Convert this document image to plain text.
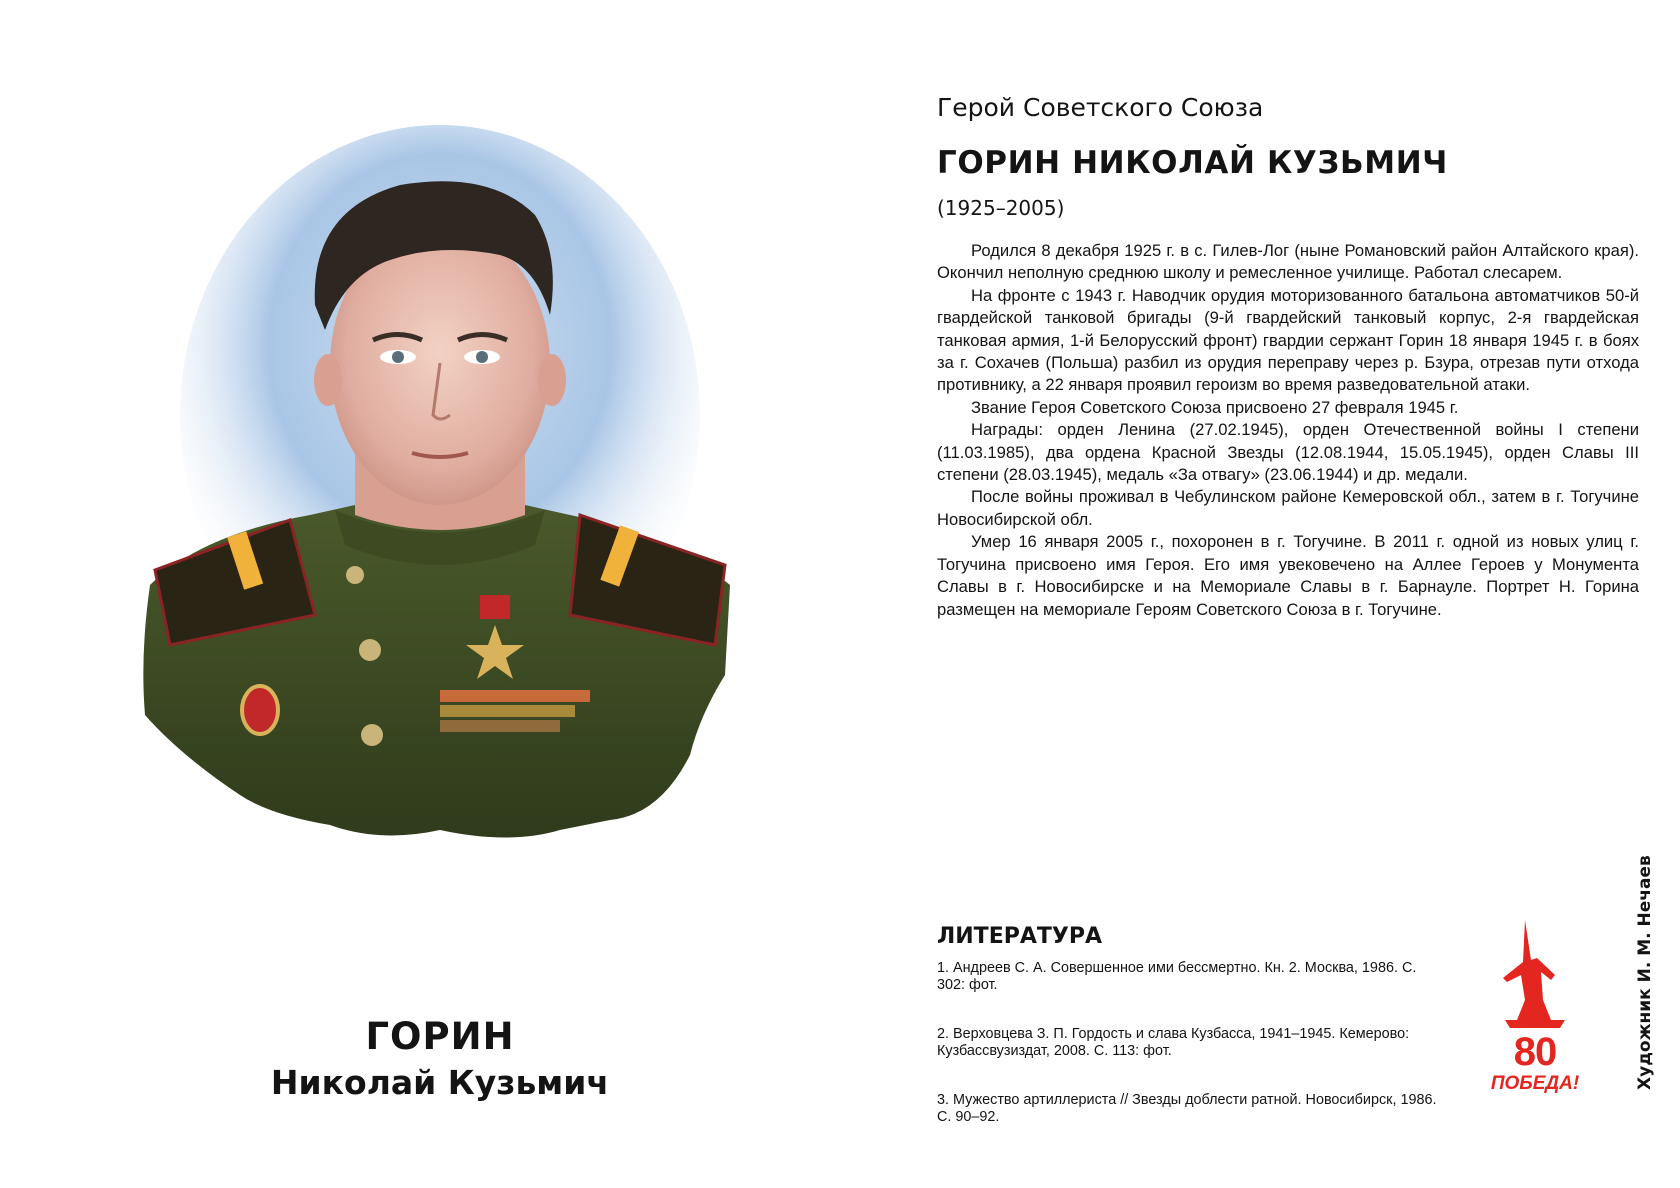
ГОРИН
Николай Кузьмич
Герой Советского Союза
ГОРИН НИКОЛАЙ КУЗЬМИЧ
(1925–2005)

Родился 8 декабря 1925 г. в с. Гилев-Лог (ныне Романовский район Алтайского края). Окончил неполную среднюю школу и ремесленное училище. Работал слесарем.

На фронте с 1943 г. Наводчик орудия моторизованного батальона автоматчиков 50-й гвардейской танковой бригады (9-й гвардейский танковый корпус, 2-я гвардейская танковая армия, 1-й Белорусский фронт) гвардии сержант Горин 18 января 1945 г. в боях за г. Сохачев (Польша) разбил из орудия переправу через р. Бзура, отрезав пути отхода противнику, а 22 января проявил героизм во время разведовательной атаки.

Звание Героя Советского Союза присвоено 27 февраля 1945 г.

Награды: орден Ленина (27.02.1945), орден Отечественной войны I степени (11.03.1985), два ордена Красной Звезды (12.08.1944, 15.05.1945), орден Славы III степени (28.03.1945), медаль «За отвагу» (23.06.1944) и др. медали.

После войны проживал в Чебулинском районе Кемеровской обл., затем в г. Тогучине Новосибирской обл.

Умер 16 января 2005 г., похоронен в г. Тогучине. В 2011 г. одной из новых улиц г. Тогучина присвоено имя Героя. Его имя увековечено на Аллее Героев у Монумента Славы в г. Новосибирске и на Мемориале Славы в г. Барнауле. Портрет Н. Горина размещен на мемориале Героям Советского Союза в г. Тогучине.

ЛИТЕРАТУРА
1. Андреев С. А. Совершенное ими бессмертно. Кн. 2. Москва, 1986. С. 302: фот.
2. Верховцева З. П. Гордость и слава Кузбасса, 1941–1945. Кемерово: Кузбассвузиздат, 2008. С. 113: фот.
3. Мужество артиллериста // Звезды доблести ратной. Новосибирск, 1986. С. 90–92.
80
ПОБЕДА!	Художник И. М. Нечаев
